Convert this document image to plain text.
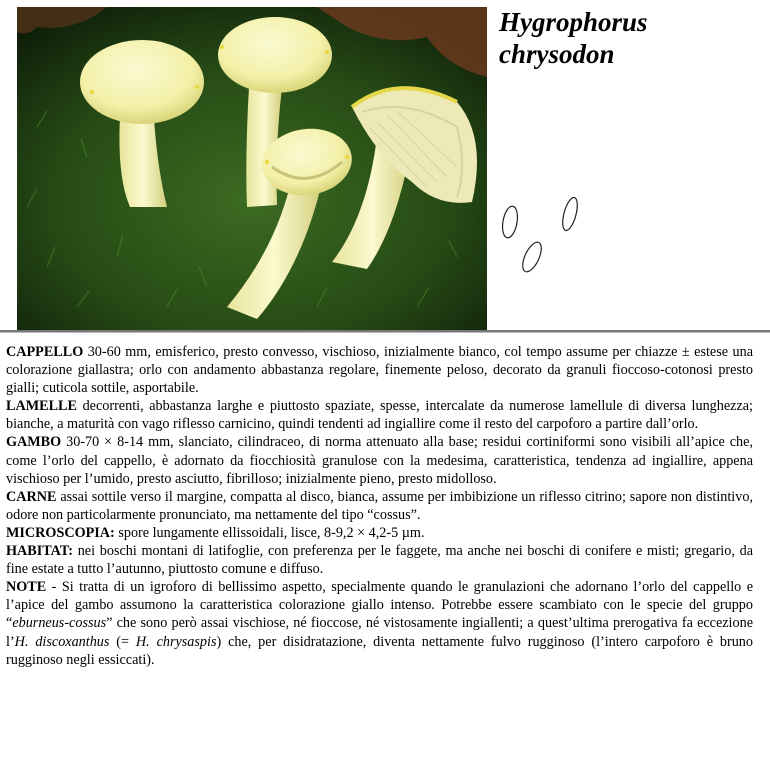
Hygrophorus
chrysodon

CAPPELLO 30-60 mm, emisferico, presto convesso, vischioso, inizialmente bianco, col tempo assume per chiazze ± estese una colorazione giallastra; orlo con andamento abbastanza regolare, finemente peloso, decorato da granuli fioccoso-cotonosi presto gialli; cuticola sottile, asportabile.

LAMELLE decorrenti, abbastanza larghe e piuttosto spaziate, spesse, intercalate da numerose lamellule di diversa lunghezza; bianche, a maturità con vago riflesso carnicino, quindi tendenti ad ingiallire come il resto del carpoforo a partire dall’orlo.

GAMBO 30-70 × 8-14 mm, slanciato, cilindraceo, di norma attenuato alla base; residui cortiniformi sono visibili all’apice che, come l’orlo del cappello, è adornato da fiocchiosità granulose con la medesima, caratteristica, tendenza ad ingiallire, appena vischioso per l’umido, presto asciutto, fibrilloso; inizialmente pieno, presto midolloso.

CARNE assai sottile verso il margine, compatta al disco, bianca, assume per imbibizione un riflesso citrino; sapore non distintivo, odore non particolarmente pronunciato, ma nettamente del tipo “cossus”.

MICROSCOPIA: spore lungamente ellissoidali, lisce, 8-9,2 × 4,2-5 µm.

HABITAT: nei boschi montani di latifoglie, con preferenza per le faggete, ma anche nei boschi di conifere e misti; gregario, da fine estate a tutto l’autunno, piuttosto comune e diffuso.

NOTE - Si tratta di un igroforo di bellissimo aspetto, specialmente quando le granulazioni che adornano l’orlo del cappello e l’apice del gambo assumono la caratteristica colorazione giallo intenso. Potrebbe essere scambiato con le specie del gruppo “eburneus-cossus” che sono però assai vischiose, né fioccose, né vistosamente ingiallenti; a quest’ultima prerogativa fa eccezione l’H. discoxanthus (= H. chrysaspis) che, per disidratazione, diventa nettamente fulvo rugginoso (l’intero carpoforo è bruno rugginoso negli essiccati).
